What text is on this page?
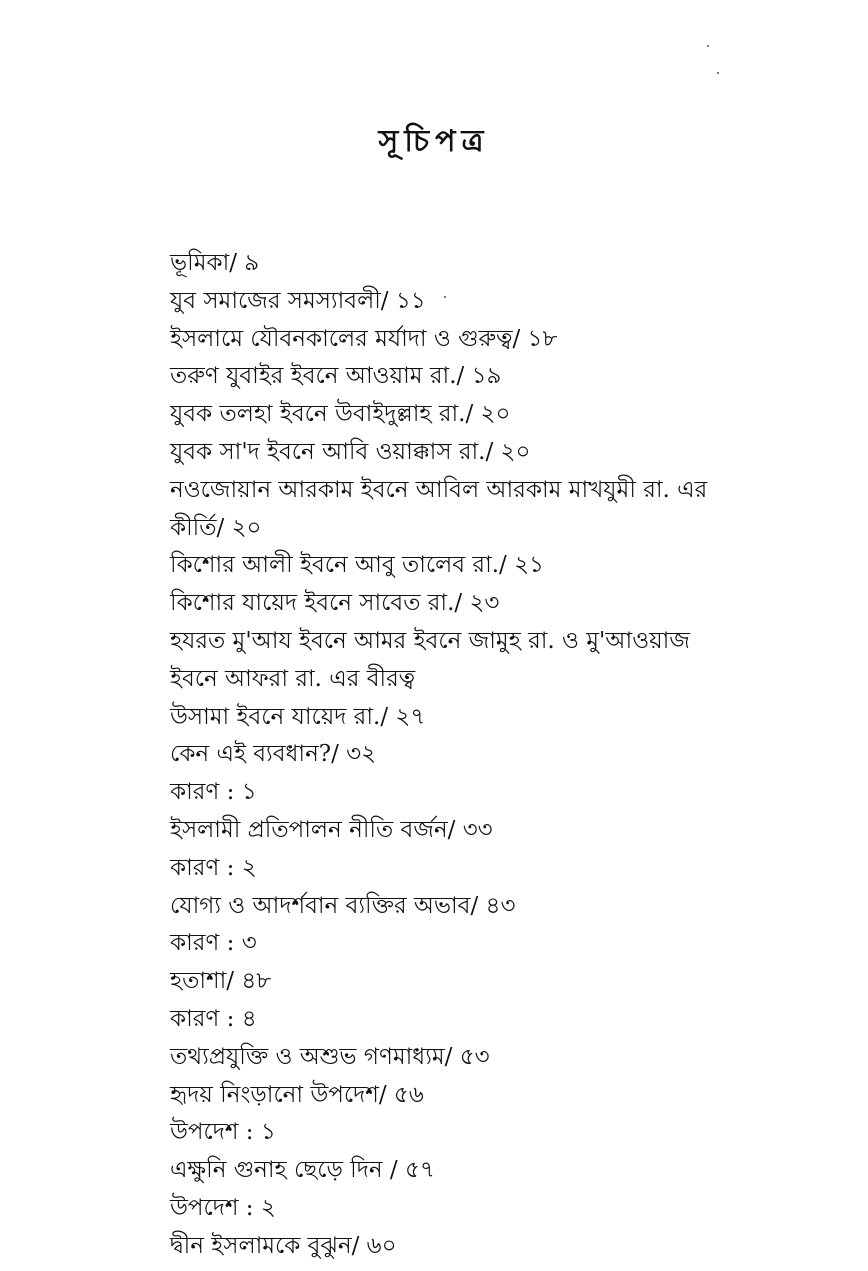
সূচিপত্র
ভূমিকা/ ৯
যুব সমাজের সমস্যাবলী/ ১১
ইসলামে যৌবনকালের মর্যাদা ও গুরুত্ব/ ১৮
তরুণ যুবাইর ইবনে আওয়াম রা./ ১৯
যুবক তলহা ইবনে উবাইদুল্লাহ রা./ ২০
যুবক সা'দ ইবনে আবি ওয়াক্কাস রা./ ২০
নওজোয়ান আরকাম ইবনে আবিল আরকাম মাখযুমী রা. এর
কীর্তি/ ২০
কিশোর আলী ইবনে আবু তালেব রা./ ২১
কিশোর যায়েদ ইবনে সাবেত রা./ ২৩
হযরত মু'আয ইবনে আমর ইবনে জামুহ রা. ও মু'আওয়াজ
ইবনে আফরা রা. এর বীরত্ব
উসামা ইবনে যায়েদ রা./ ২৭
কেন এই ব্যবধান?/ ৩২
কারণ : ১
ইসলামী প্রতিপালন নীতি বর্জন/ ৩৩
কারণ : ২
যোগ্য ও আদর্শবান ব্যক্তির অভাব/ ৪৩
কারণ : ৩
হতাশা/ ৪৮
কারণ : ৪
তথ্যপ্রযুক্তি ও অশুভ গণমাধ্যম/ ৫৩
হৃদয় নিংড়ানো উপদেশ/ ৫৬
উপদেশ : ১
এক্ষুনি গুনাহ ছেড়ে দিন / ৫৭
উপদেশ : ২
দ্বীন ইসলামকে বুঝুন/ ৬০
